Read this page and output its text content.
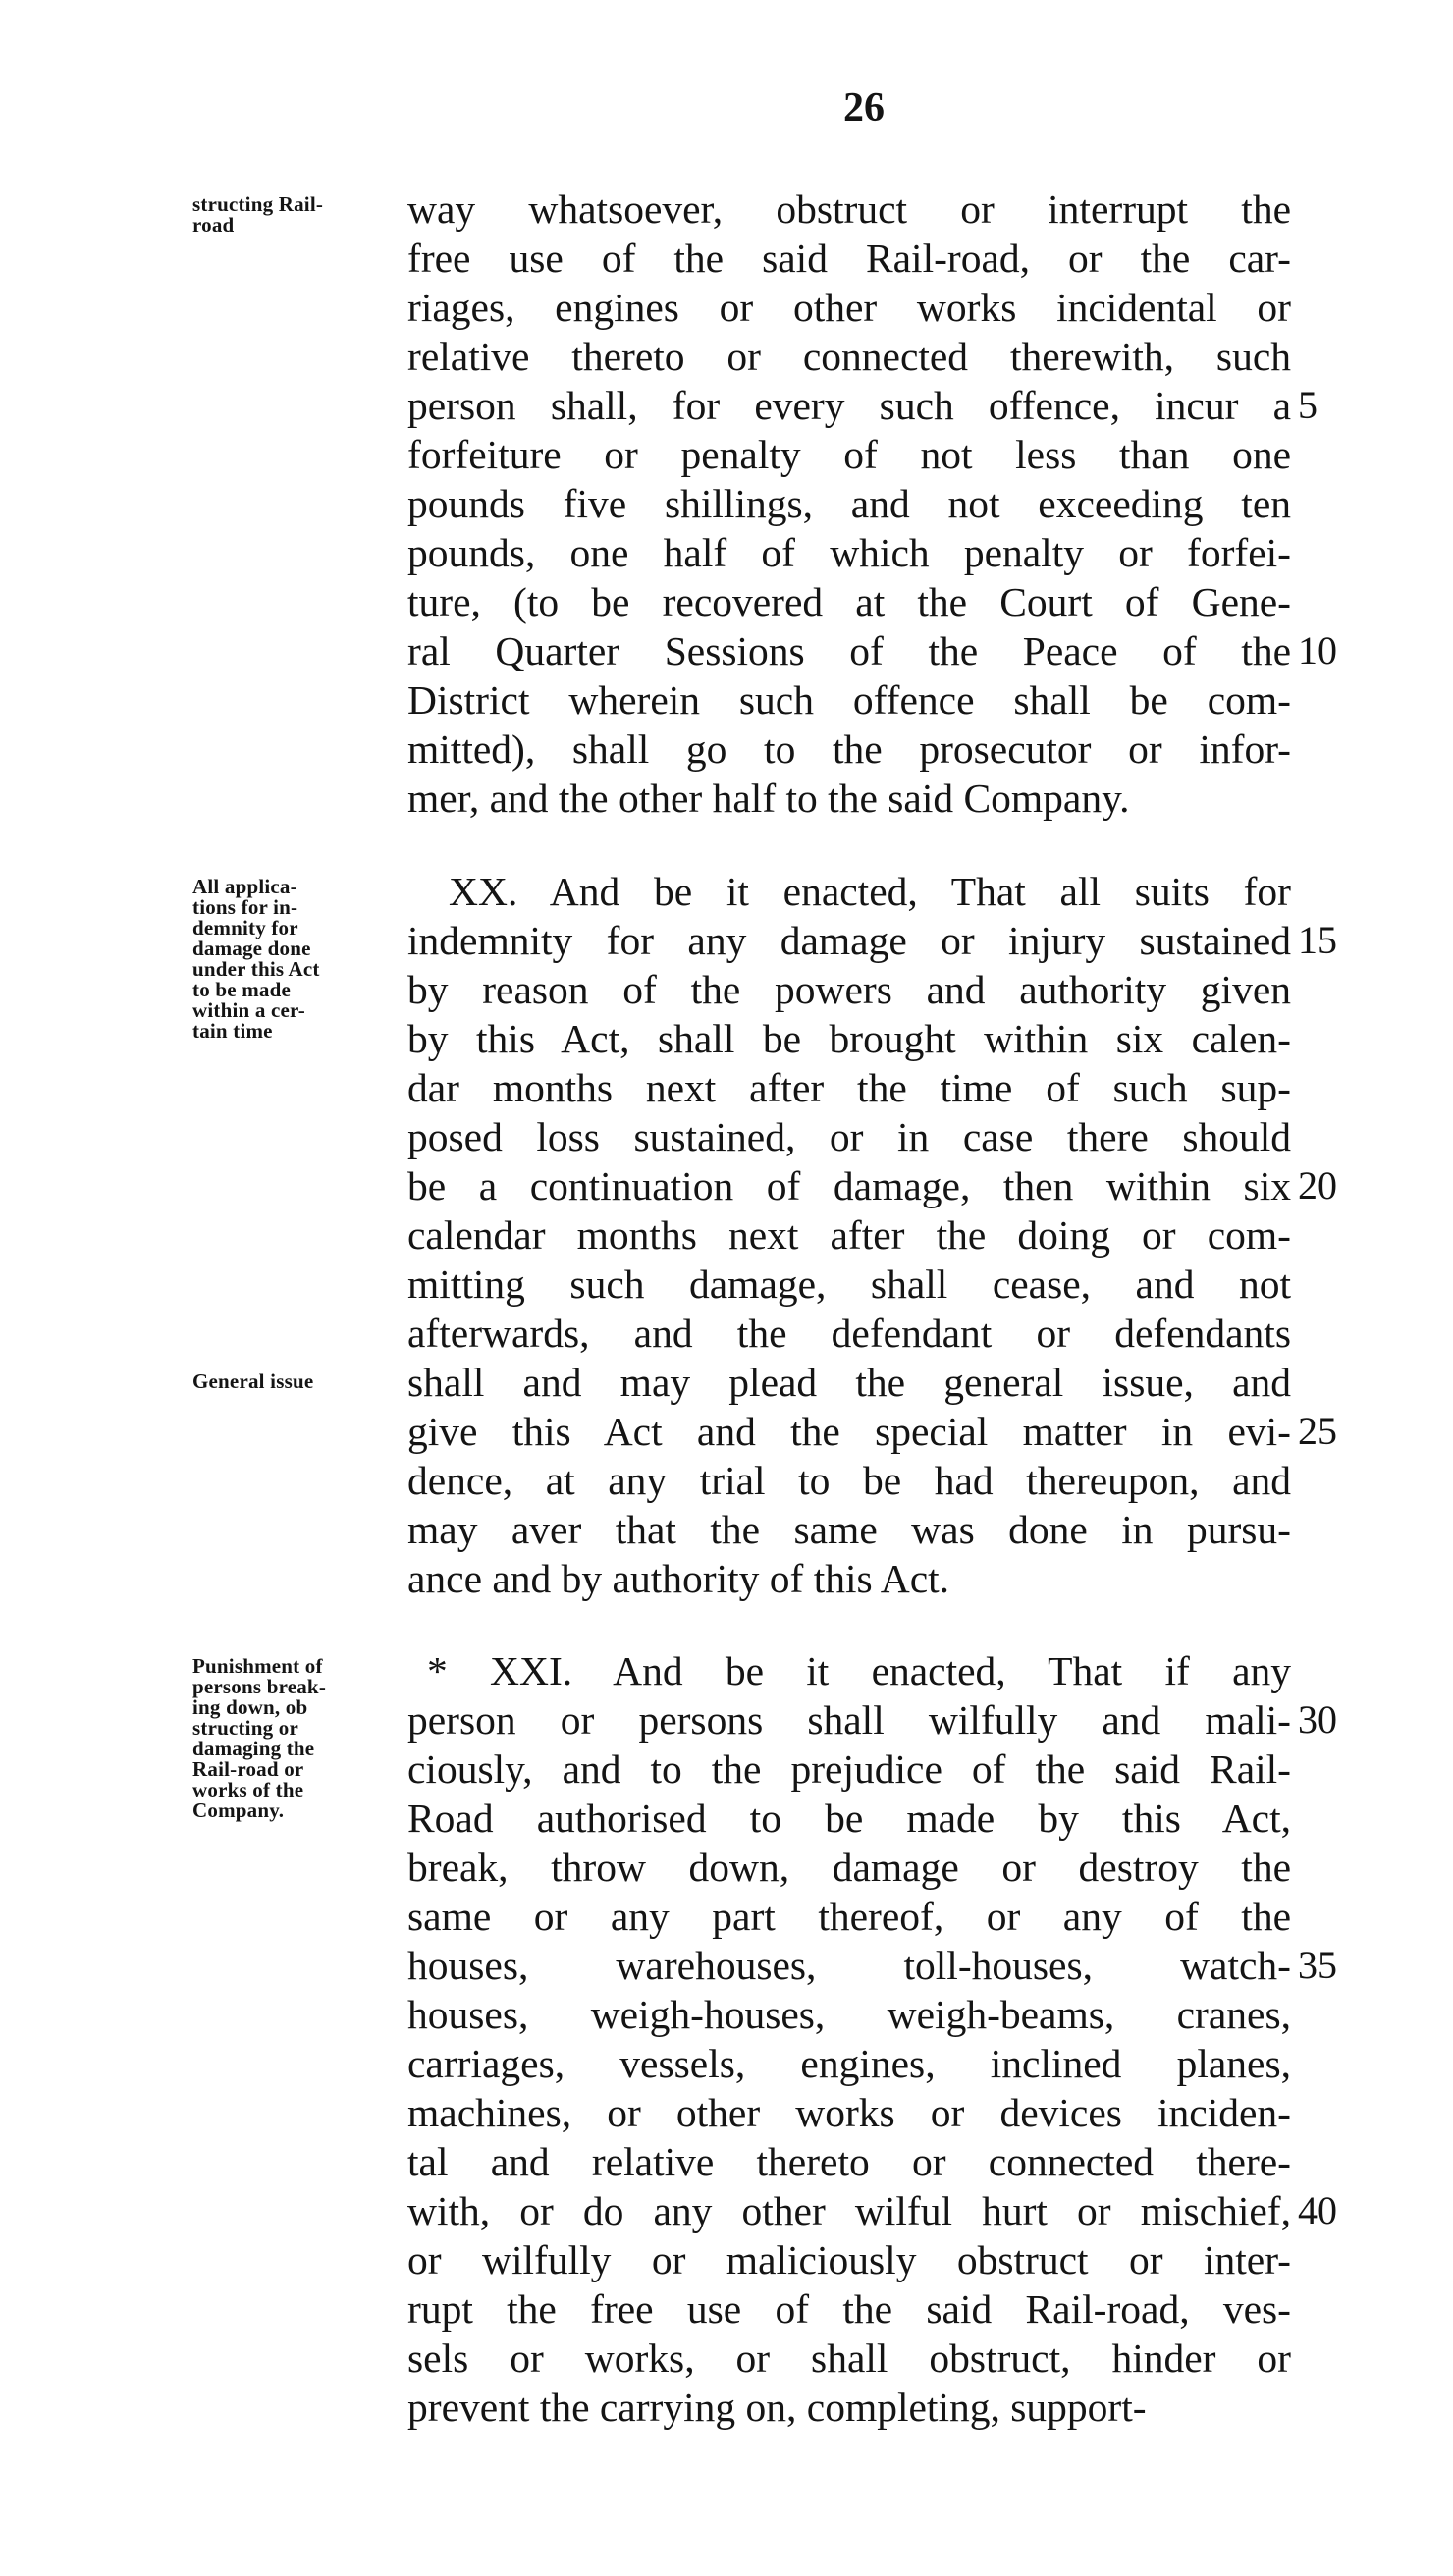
26
structing Rail-
road	way whatsoever, obstruct or interrupt the
free use of the said Rail-road, or the car-
riages, engines or other works incidental or
relative thereto or connected therewith, such
person shall, for every such offence, incur a
forfeiture or penalty of not less than one
pounds five shillings, and not exceeding ten
pounds, one half of which penalty or forfei-
ture, (to be recovered at the Court of Gene-
ral Quarter Sessions of the Peace of the
District wherein such offence shall be com-
mitted), shall go to the prosecutor or infor-
mer, and the other half to the said Company.
5
10
All applica-
tions for in-
demnity for
damage done
under this Act
to be made
within a cer-
tain time
General issue
XX. And be it enacted, That all suits for
indemnity for any damage or injury sustained
by reason of the powers and authority given
by this Act, shall be brought within six calen-
dar months next after the time of such sup-
posed loss sustained, or in case there should
be a continuation of damage, then within six
calendar months next after the doing or com-
mitting such damage, shall cease, and not
afterwards, and the defendant or defendants
shall and may plead the general issue, and
give this Act and the special matter in evi-
dence, at any trial to be had thereupon, and
may aver that the same was done in pursu-
ance and by authority of this Act.
15
20
25
Punishment of
persons break-
ing down, ob
structing or
damaging the
Rail-road or
works of the
Company.
* XXI. And be it enacted, That if any
person or persons shall wilfully and mali-
ciously, and to the prejudice of the said Rail-
Road authorised to be made by this Act,
break, throw down, damage or destroy the
same or any part thereof, or any of the
houses, warehouses, toll-houses, watch-
houses, weigh-houses, weigh-beams, cranes,
carriages, vessels, engines, inclined planes,
machines, or other works or devices inciden-
tal and relative thereto or connected there-
with, or do any other wilful hurt or mischief,
or wilfully or maliciously obstruct or inter-
rupt the free use of the said Rail-road, ves-
sels or works, or shall obstruct, hinder or
prevent the carrying on, completing, support-
30
35
40
